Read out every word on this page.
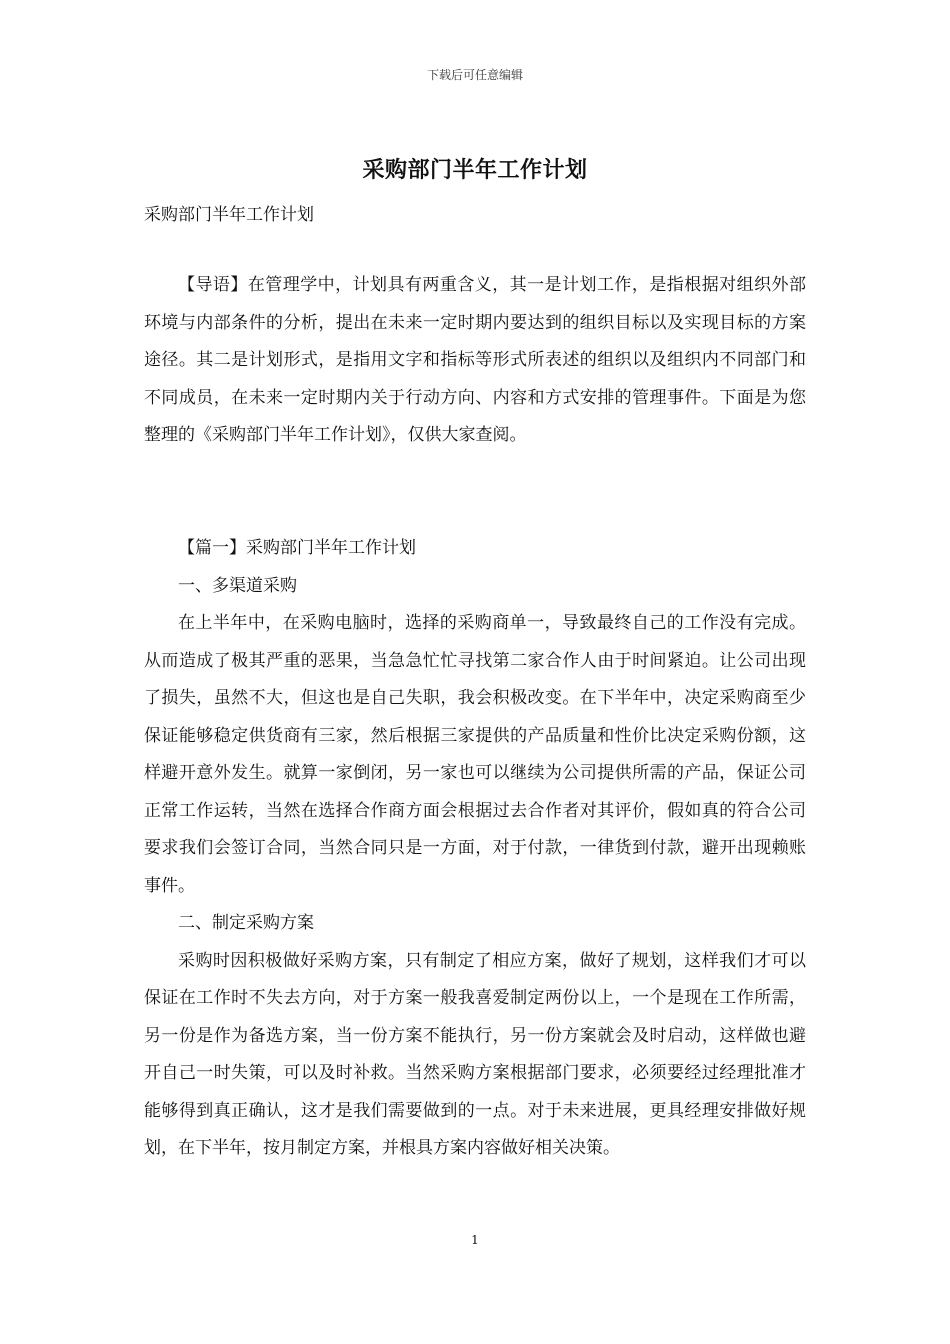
下载后可任意编辑
采购部门半年工作计划

采购部门半年工作计划

【导语】在管理学中，计划具有两重含义，其一是计划工作，是指根据对组织外部环境与内部条件的分析，提出在未来一定时期内要达到的组织目标以及实现目标的方案途径。其二是计划形式，是指用文字和指标等形式所表述的组织以及组织内不同部门和不同成员，在未来一定时期内关于行动方向、内容和方式安排的管理事件。下面是为您整理的《采购部门半年工作计划》，仅供大家查阅。

【篇一】采购部门半年工作计划

一、多渠道采购

在上半年中，在采购电脑时，选择的采购商单一，导致最终自己的工作没有完成。从而造成了极其严重的恶果，当急急忙忙寻找第二家合作人由于时间紧迫。让公司出现了损失，虽然不大，但这也是自己失职，我会积极改变。在下半年中，决定采购商至少保证能够稳定供货商有三家，然后根据三家提供的产品质量和性价比决定采购份额，这样避开意外发生。就算一家倒闭，另一家也可以继续为公司提供所需的产品，保证公司正常工作运转，当然在选择合作商方面会根据过去合作者对其评价，假如真的符合公司要求我们会签订合同，当然合同只是一方面，对于付款，一律货到付款，避开出现赖账事件。

二、制定采购方案

采购时因积极做好采购方案，只有制定了相应方案，做好了规划，这样我们才可以保证在工作时不失去方向，对于方案一般我喜爱制定两份以上，一个是现在工作所需，另一份是作为备选方案，当一份方案不能执行，另一份方案就会及时启动，这样做也避开自己一时失策，可以及时补救。当然采购方案根据部门要求，必须要经过经理批准才能够得到真正确认，这才是我们需要做到的一点。对于未来进展，更具经理安排做好规划，在下半年，按月制定方案，并根具方案内容做好相关决策。

1
